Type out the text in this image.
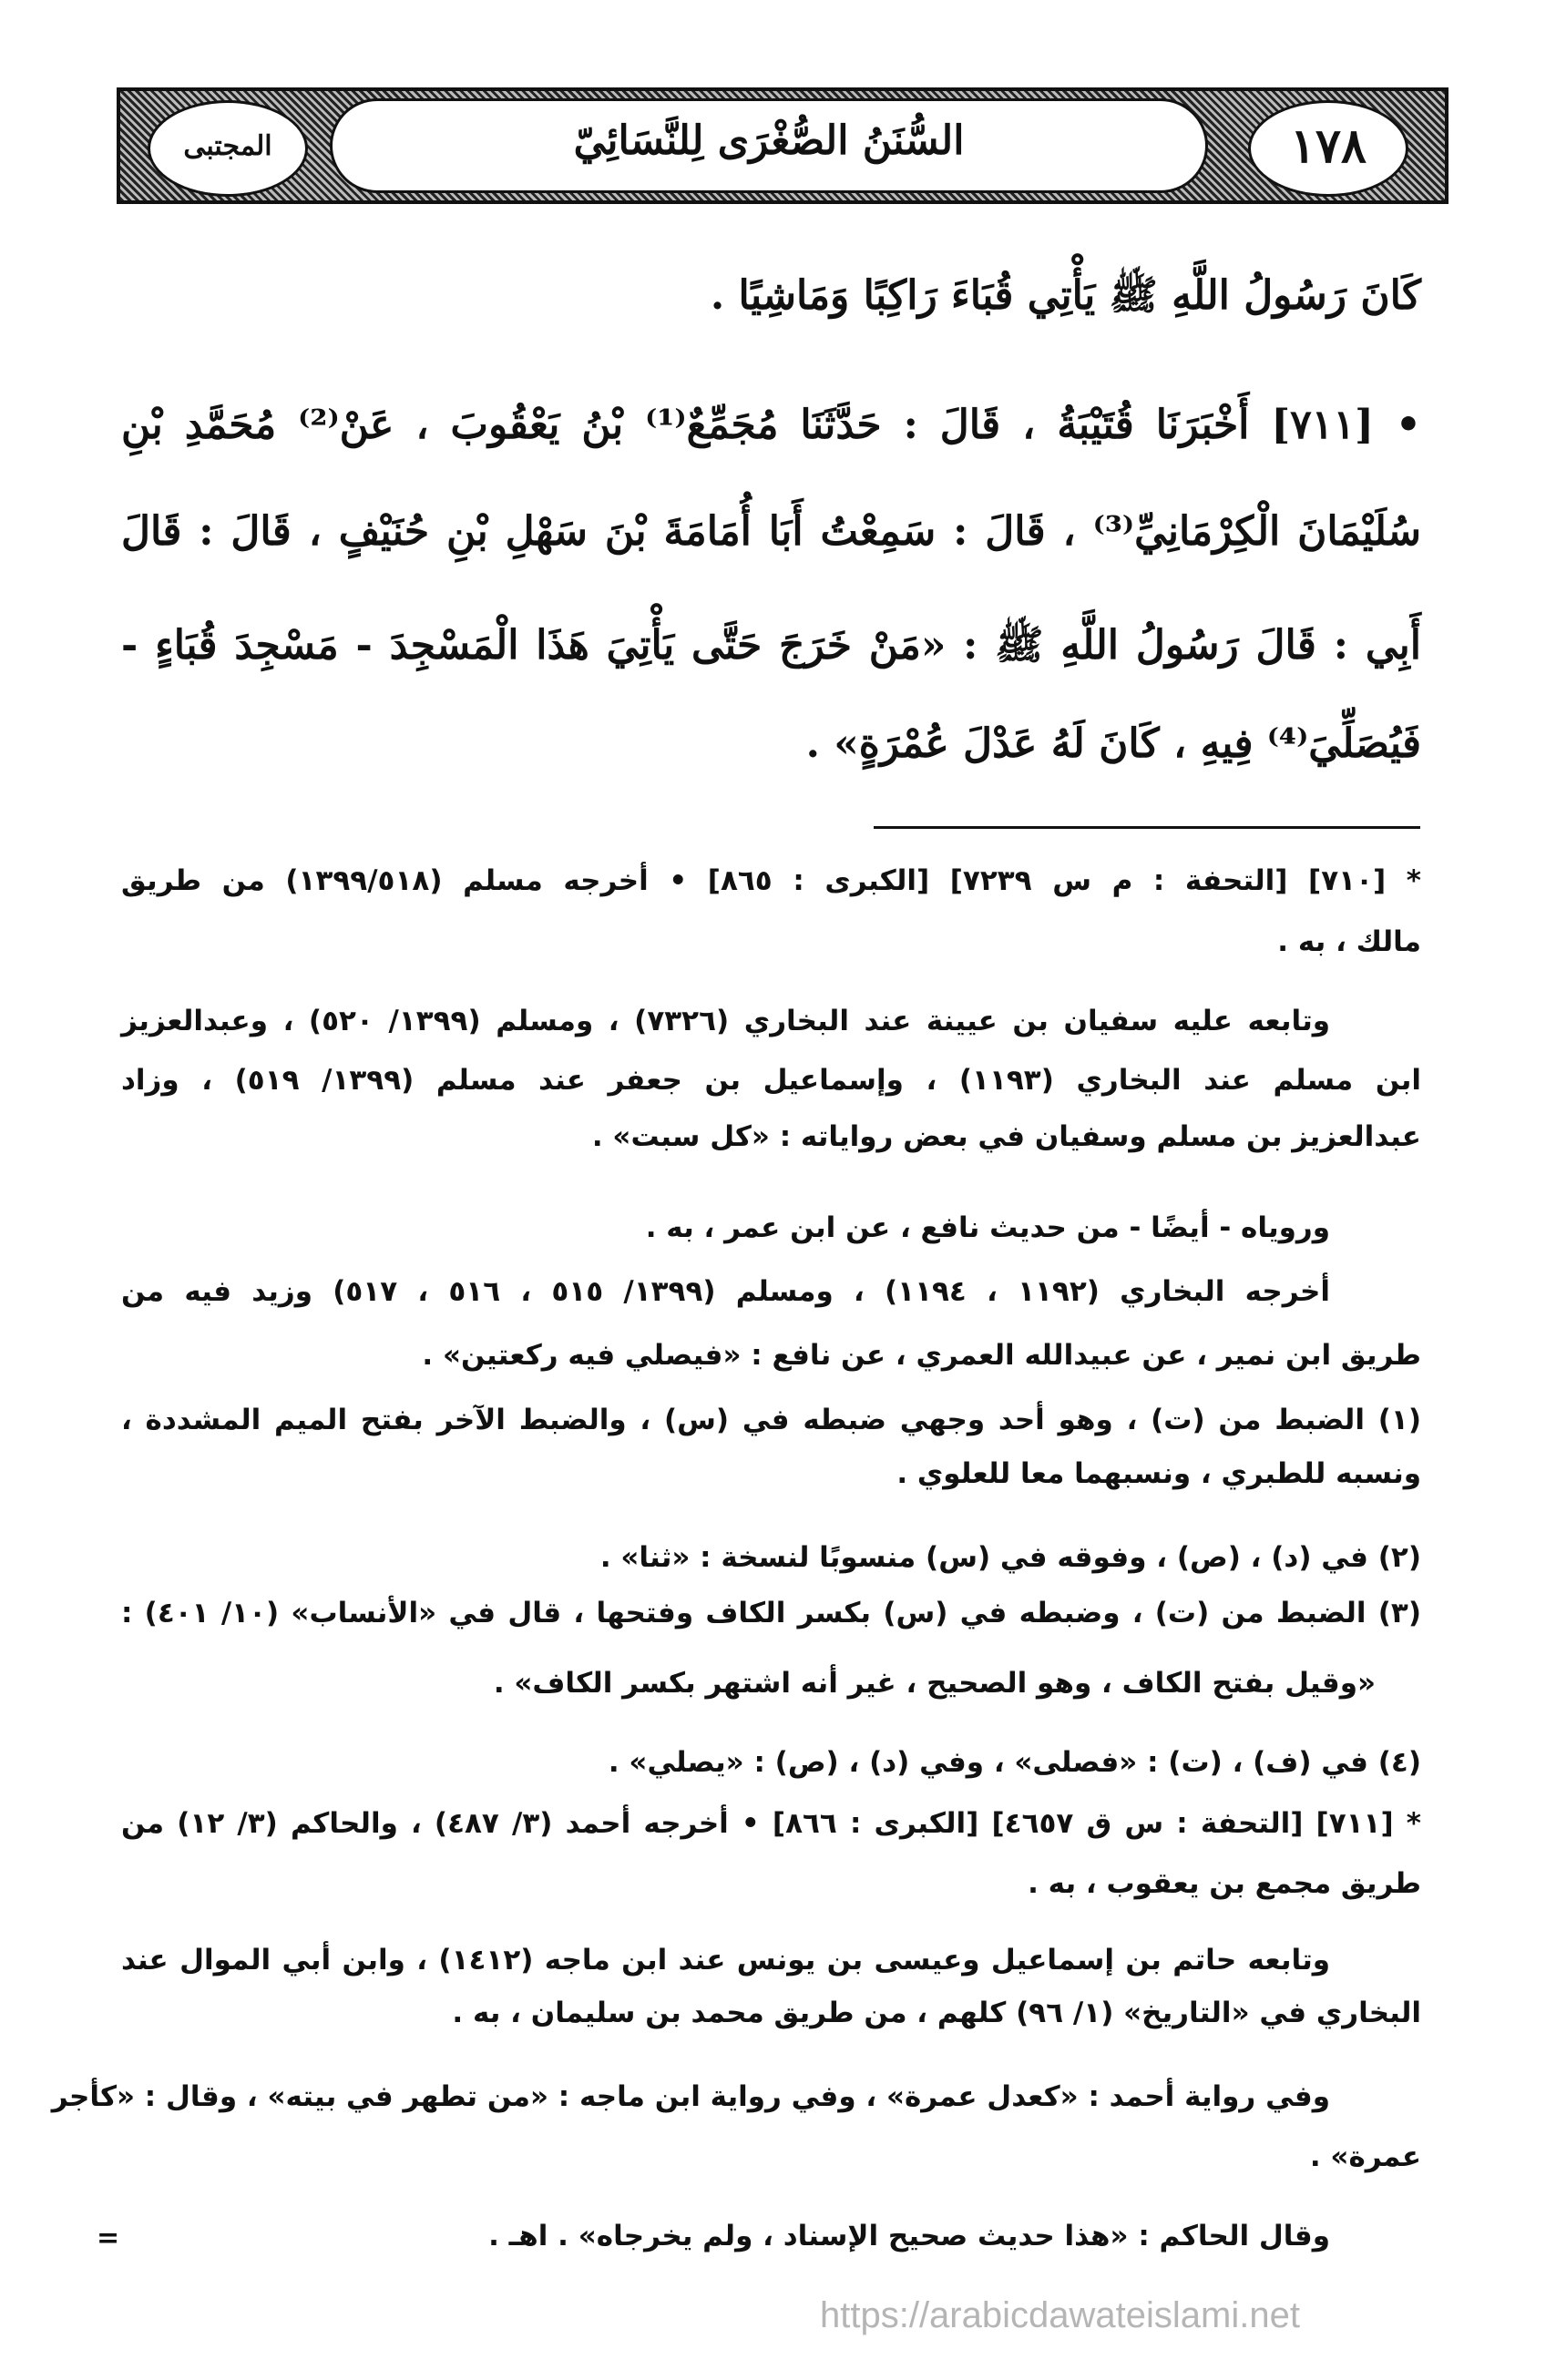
المجتبى	السُّنَنُ الصُّغْرَى لِلنَّسَائِيّ	١٧٨
كَانَ رَسُولُ اللَّهِ ﷺ يَأْتِي قُبَاءَ رَاكِبًا وَمَاشِيًا .
• [٧١١] أَخْبَرَنَا قُتَيْبَةُ ، قَالَ : حَدَّثَنَا مُجَمِّعٌ⁽¹⁾ بْنُ يَعْقُوبَ ، عَنْ⁽²⁾ مُحَمَّدِ بْنِ
سُلَيْمَانَ الْكِرْمَانِيِّ⁽³⁾ ، قَالَ : سَمِعْتُ أَبَا أُمَامَةَ بْنَ سَهْلِ بْنِ حُنَيْفٍ ، قَالَ : قَالَ
أَبِي : قَالَ رَسُولُ اللَّهِ ﷺ : «مَنْ خَرَجَ حَتَّى يَأْتِيَ هَذَا الْمَسْجِدَ - مَسْجِدَ قُبَاءٍ -
فَيُصَلِّيَ⁽⁴⁾ فِيهِ ، كَانَ لَهُ عَدْلَ عُمْرَةٍ» .
* [٧١٠] [التحفة : م س ٧٢٣٩] [الكبرى : ٨٦٥] • أخرجه مسلم (١٣٩٩/٥١٨) من طريق
مالك ، به .
وتابعه عليه سفيان بن عيينة عند البخاري (٧٣٢٦) ، ومسلم (١٣٩٩/ ٥٢٠) ، وعبدالعزيز
ابن مسلم عند البخاري (١١٩٣) ، وإسماعيل بن جعفر عند مسلم (١٣٩٩/ ٥١٩) ، وزاد
عبدالعزيز بن مسلم وسفيان في بعض رواياته : «كل سبت» .
وروياه - أيضًا - من حديث نافع ، عن ابن عمر ، به .
أخرجه البخاري (١١٩٢ ، ١١٩٤) ، ومسلم (١٣٩٩/ ٥١٥ ، ٥١٦ ، ٥١٧) وزيد فيه من
طريق ابن نمير ، عن عبيدالله العمري ، عن نافع : «فيصلي فيه ركعتين» .
(١) الضبط من (ت) ، وهو أحد وجهي ضبطه في (س) ، والضبط الآخر بفتح الميم المشددة ،
ونسبه للطبري ، ونسبهما معا للعلوي .
(٢) في (د) ، (ص) ، وفوقه في (س) منسوبًا لنسخة : «ثنا» .
(٣) الضبط من (ت) ، وضبطه في (س) بكسر الكاف وفتحها ، قال في «الأنساب» (١٠/ ٤٠١) :
«وقيل بفتح الكاف ، وهو الصحيح ، غير أنه اشتهر بكسر الكاف» .
(٤) في (ف) ، (ت) : «فصلى» ، وفي (د) ، (ص) : «يصلي» .
* [٧١١] [التحفة : س ق ٤٦٥٧] [الكبرى : ٨٦٦] • أخرجه أحمد (٣/ ٤٨٧) ، والحاكم (٣/ ١٢) من
طريق مجمع بن يعقوب ، به .
وتابعه حاتم بن إسماعيل وعيسى بن يونس عند ابن ماجه (١٤١٢) ، وابن أبي الموال عند
البخاري في «التاريخ» (١/ ٩٦) كلهم ، من طريق محمد بن سليمان ، به .
وفي رواية أحمد : «كعدل عمرة» ، وفي رواية ابن ماجه : «من تطهر في بيته» ، وقال : «كأجر
عمرة» .
وقال الحاكم : «هذا حديث صحيح الإسناد ، ولم يخرجاه» . اهـ .
=
https://arabicdawateislami.net
